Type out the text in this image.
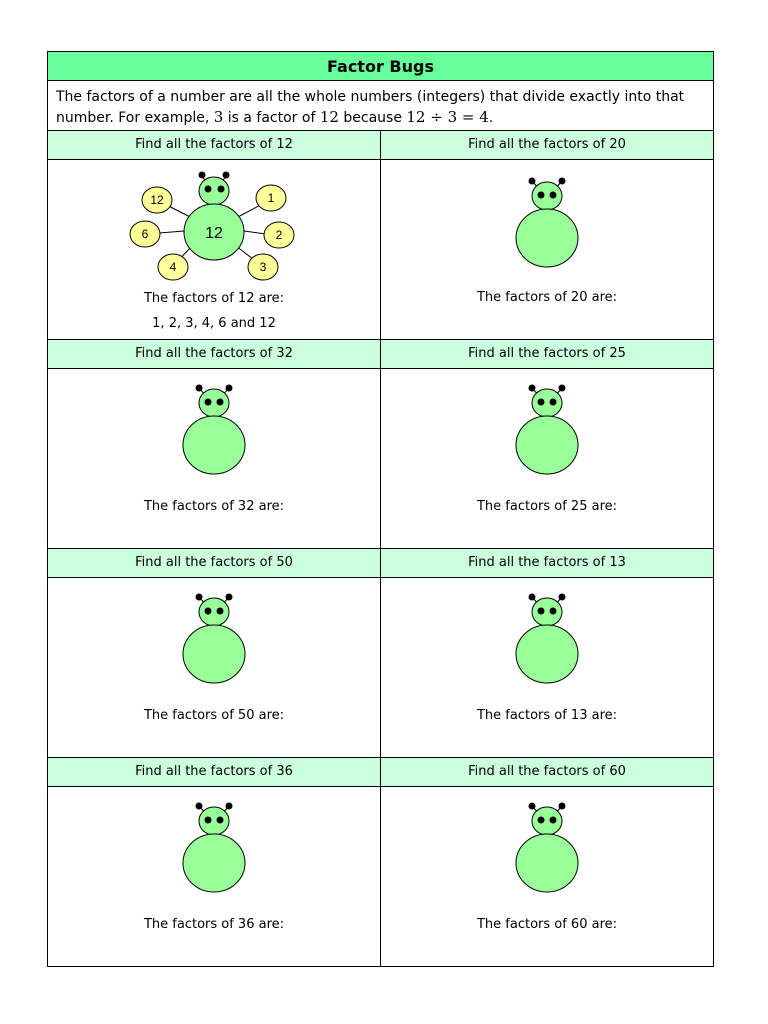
Factor Bugs
The factors of a number are all the whole numbers (integers) that divide exactly into that
number. For example, 3 is a factor of 12 because 12 ÷ 3 = 4.
Find all the factors of 12
12
12	1
6	2
4	3
The factors of 12 are:
1, 2, 3, 4, 6 and 12
Find all the factors of 20
The factors of 20 are:
Find all the factors of 32
The factors of 32 are:
Find all the factors of 25
The factors of 25 are:
Find all the factors of 50
The factors of 50 are:
Find all the factors of 13
The factors of 13 are:
Find all the factors of 36
The factors of 36 are:
Find all the factors of 60
The factors of 60 are:
